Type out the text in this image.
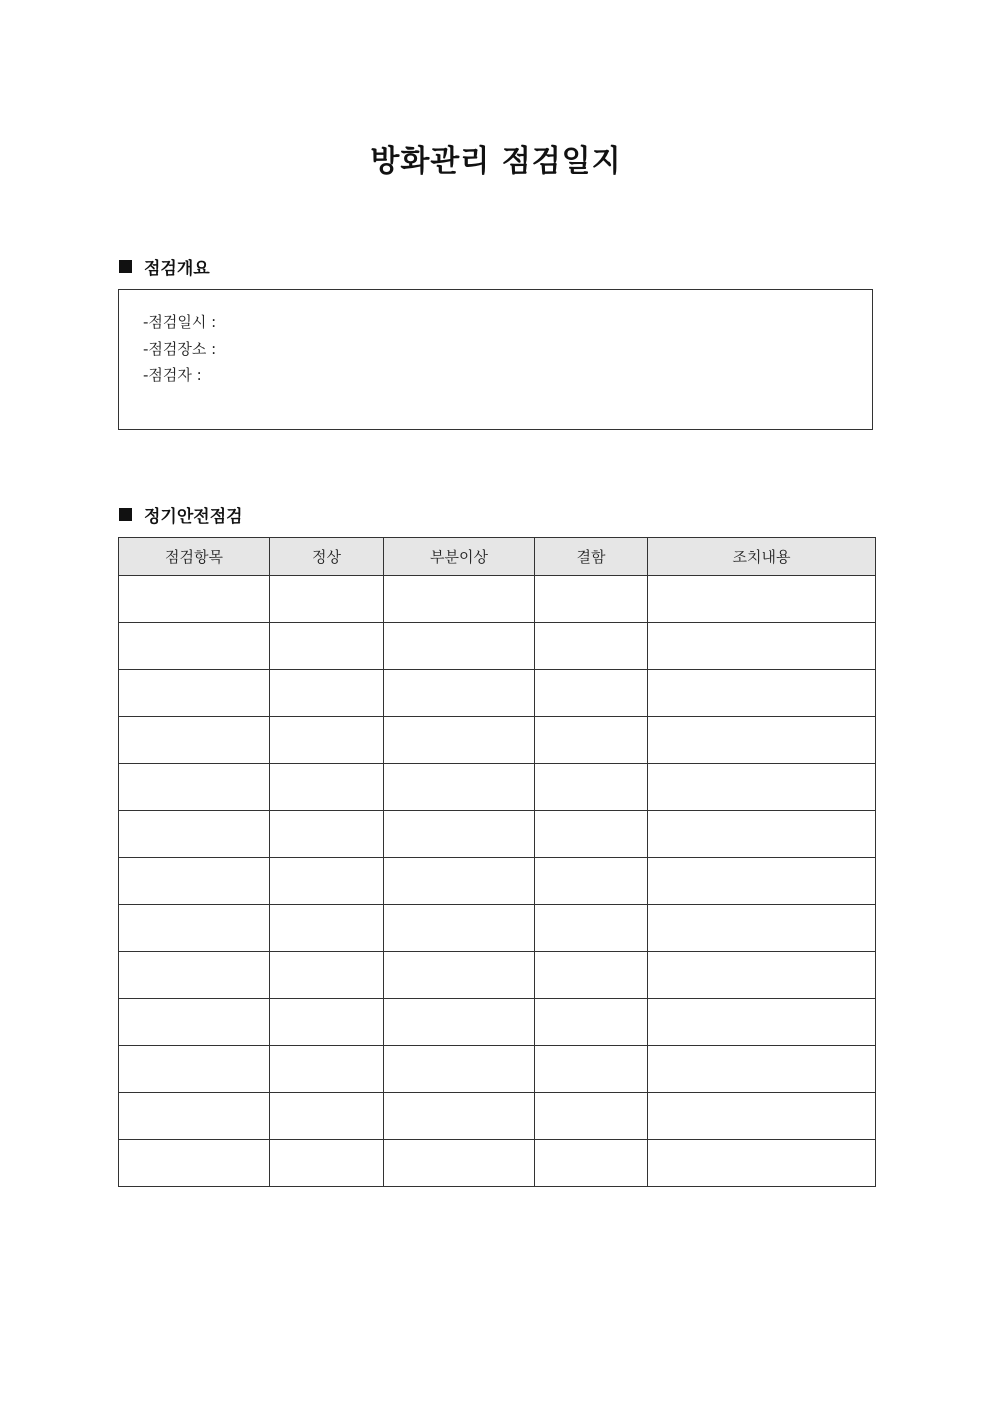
방화관리 점검일지
점검개요
-점검일시 :
-점검장소 :
-점검자 :
정기안전점검
점검항목	정상	부분이상	결함	조치내용
